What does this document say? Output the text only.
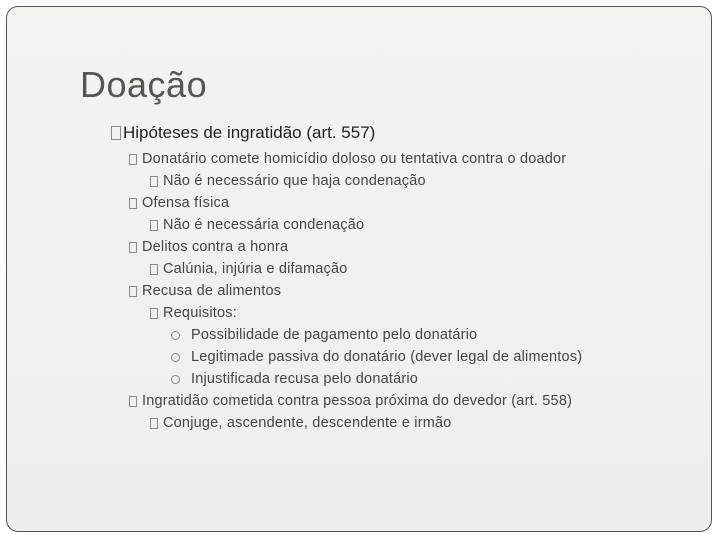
Doação
Hipóteses de ingratidão (art. 557)
Donatário comete homicídio doloso ou tentativa contra o doador
Não é necessário que haja condenação
Ofensa física
Não é necessária condenação
Delitos contra a honra
Calúnia, injúria e difamação
Recusa de alimentos
Requisitos:
Possibilidade de pagamento pelo donatário
Legitimade passiva do donatário (dever legal de alimentos)
Injustificada recusa pelo donatário
Ingratidão cometida contra pessoa próxima do devedor (art. 558)
Conjuge, ascendente, descendente e irmão
